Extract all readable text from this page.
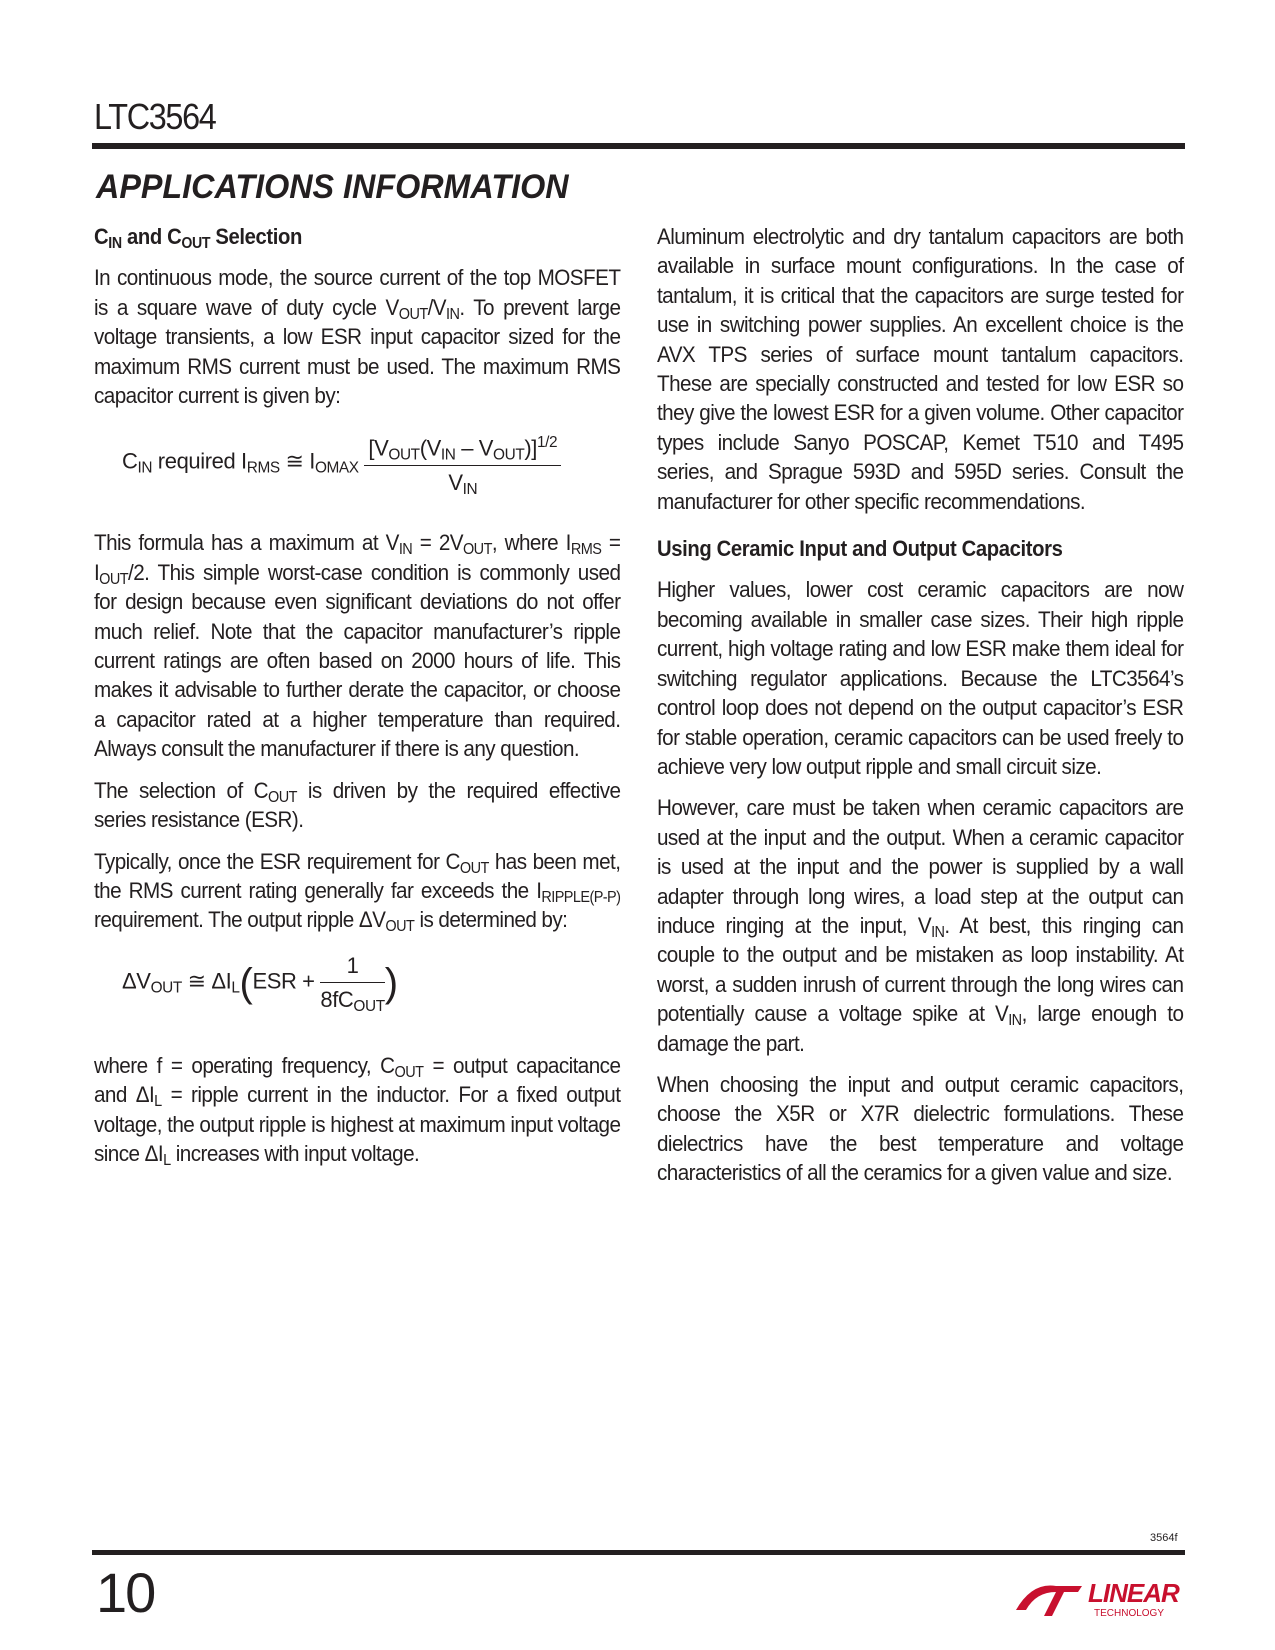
LTC3564
APPLICATIONS INFORMATION
$C_{IN}$ and $C_{OUT}$ Selection

In continuous mode, the source current of the top MOSFET is a square wave of duty cycle $V_{OUT}/V_{IN}$. To prevent large voltage transients, a low ESR input capacitor sized for the maximum RMS current must be used. The maximum RMS capacitor current is given by:

$C_{IN}$ required $I_{RMS}$ ≅ $I_{OMAX} \frac{[V_{OUT}(V_{IN} - V_{OUT})]^{1/2}}{V_{IN}}$

This formula has a maximum at $V_{IN} = 2V_{OUT}$, where $I_{RMS} = I_{OUT}/2$. This simple worst-case condition is commonly used for design because even significant deviations do not offer much relief. Note that the capacitor manufacturer’s ripple current ratings are often based on 2000 hours of life. This makes it advisable to further derate the capacitor, or choose a capacitor rated at a higher temperature than required. Always consult the manufacturer if there is any question.

The selection of $C_{OUT}$ is driven by the required effective series resistance (ESR).

Typically, once the ESR requirement for $C_{OUT}$ has been met, the RMS current rating generally far exceeds the $I_{RIPPLE(P-P)}$ requirement. The output ripple $\Delta V_{OUT}$ is determined by:

$\Delta V_{OUT}$ ≅ $\Delta I_L(ESR + \frac{1}{8fC_{OUT}}$ )

where f = operating frequency, $C_{OUT}$ = output capacitance and $\Delta I_L$ = ripple current in the inductor. For a fixed output voltage, the output ripple is highest at maximum input voltage since $\Delta I_L$ increases with input voltage.

Aluminum electrolytic and dry tantalum capacitors are both available in surface mount configurations. In the case of tantalum, it is critical that the capacitors are surge tested for use in switching power supplies. An excellent choice is the AVX TPS series of surface mount tantalum capacitors. These are specially constructed and tested for low ESR so they give the lowest ESR for a given volume. Other capacitor types include Sanyo POSCAP, Kemet T510 and T495 series, and Sprague 593D and 595D series. Consult the manufacturer for other specific recommendations.

Using Ceramic Input and Output Capacitors

Higher values, lower cost ceramic capacitors are now becoming available in smaller case sizes. Their high ripple current, high voltage rating and low ESR make them ideal for switching regulator applications. Because the LTC3564’s control loop does not depend on the output capacitor’s ESR for stable operation, ceramic capacitors can be used freely to achieve very low output ripple and small circuit size.

However, care must be taken when ceramic capacitors are used at the input and the output. When a ceramic capacitor is used at the input and the power is supplied by a wall adapter through long wires, a load step at the output can induce ringing at the input, $V_{IN}$. At best, this ringing can couple to the output and be mistaken as loop instability. At worst, a sudden inrush of current through the long wires can potentially cause a voltage spike at $V_{IN}$, large enough to damage the part.

When choosing the input and output ceramic capacitors, choose the X5R or X7R dielectric formulations. These dielectrics have the best temperature and voltage characteristics of all the ceramics for a given value and size.

3564f
10	LINEAR
TECHNOLOGY
